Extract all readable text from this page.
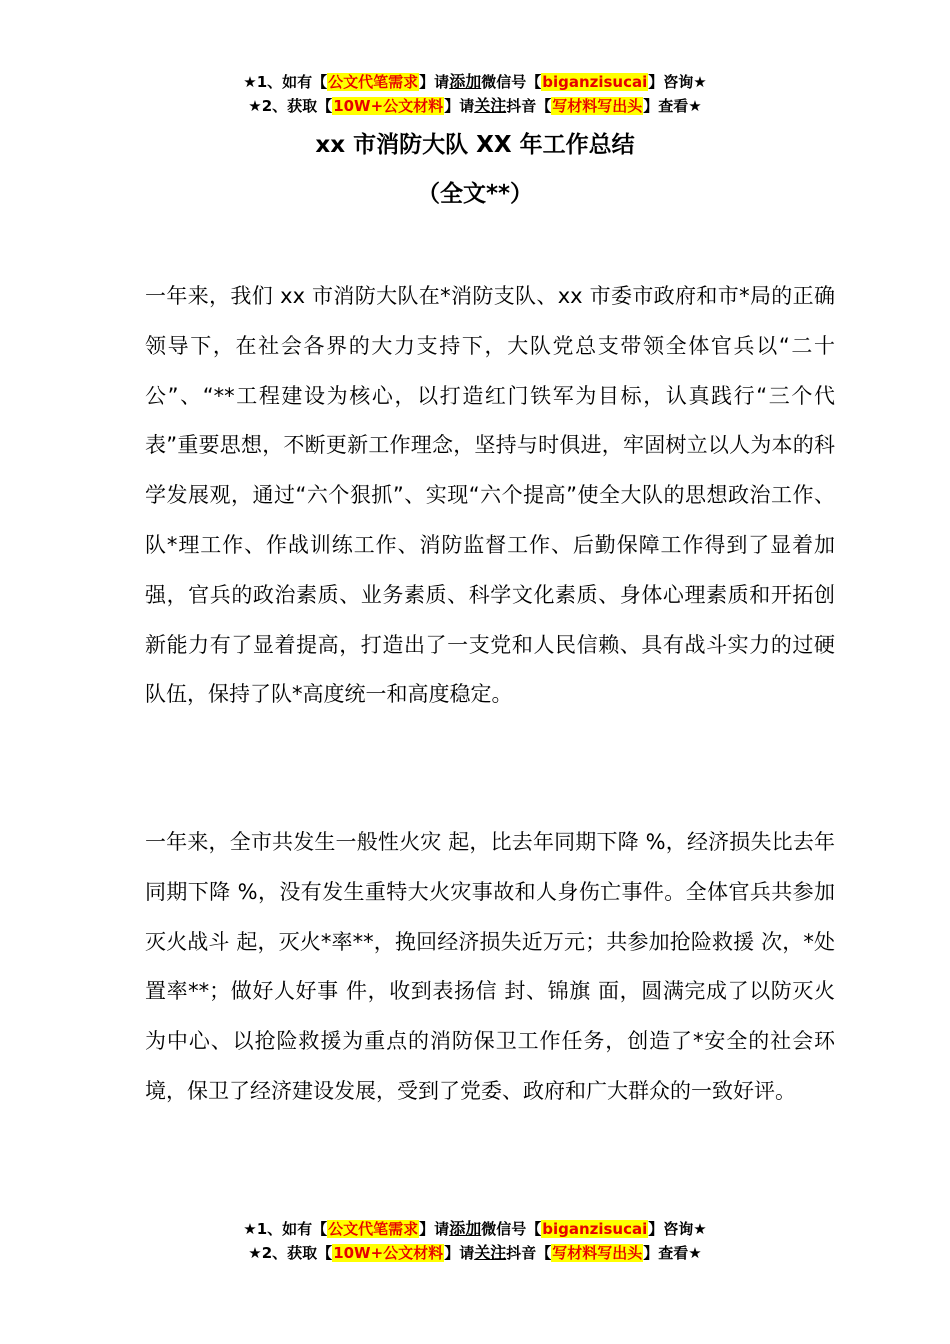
★1、如有【公文代笔需求】请添加微信号【biganzisucai】咨询★
★2、获取【10W+公文材料】请关注抖音【写材料写出头】查看★
xx 市消防大队 XX 年工作总结
（全文**）

一年来，我们 xx 市消防大队在*消防支队、xx 市委市政府和市*局的正确领导下，在社会各界的大力支持下，大队党总支带领全体官兵以“二十公”、“**工程建设为核心，以打造红门铁军为目标，认真践行“三个代表”重要思想，不断更新工作理念，坚持与时俱进，牢固树立以人为本的科学发展观，通过“六个狠抓”、实现“六个提高”使全大队的思想政治工作、队*理工作、作战训练工作、消防监督工作、后勤保障工作得到了显着加强，官兵的政治素质、业务素质、科学文化素质、身体心理素质和开拓创新能力有了显着提高，打造出了一支党和人民信赖、具有战斗实力的过硬队伍，保持了队*高度统一和高度稳定。

一年来，全市共发生一般性火灾 起，比去年同期下降 %，经济损失比去年同期下降 %，没有发生重特大火灾事故和人身伤亡事件。全体官兵共参加灭火战斗 起，灭火*率**，挽回经济损失近万元；共参加抢险救援 次，*处置率**；做好人好事 件，收到表扬信 封、锦旗 面，圆满完成了以防灭火为中心、以抢险救援为重点的消防保卫工作任务，创造了*安全的社会环境，保卫了经济建设发展，受到了党委、政府和广大群众的一致好评。

★1、如有【公文代笔需求】请添加微信号【biganzisucai】咨询★
★2、获取【10W+公文材料】请关注抖音【写材料写出头】查看★
